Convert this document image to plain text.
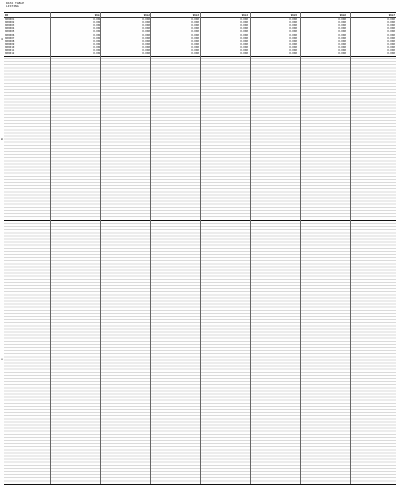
DATA TABLE
LISTING
ID	VAL1	VAL2	VAL3	VAL4	VAL5	VAL6	VAL7
000001	0.000	0.000	0.000	0.000	0.000	0.000	0.000
000002	0.000	0.000	0.000	0.000	0.000	0.000	0.000
000003	0.000	0.000	0.000	0.000	0.000	0.000	0.000
000004	0.000	0.000	0.000	0.000	0.000	0.000	0.000
000005	0.000	0.000	0.000	0.000	0.000	0.000	0.000
000006	0.000	0.000	0.000	0.000	0.000	0.000	0.000
000007	0.000	0.000	0.000	0.000	0.000	0.000	0.000
000008	0.000	0.000	0.000	0.000	0.000	0.000	0.000
000009	0.000	0.000	0.000	0.000	0.000	0.000	0.000
000010	0.000	0.000	0.000	0.000	0.000	0.000	0.000
000011	0.000	0.000	0.000	0.000	0.000	0.000	0.000
000012	0.000	0.000	0.000	0.000	0.000	0.000	0.000
A
B
C
